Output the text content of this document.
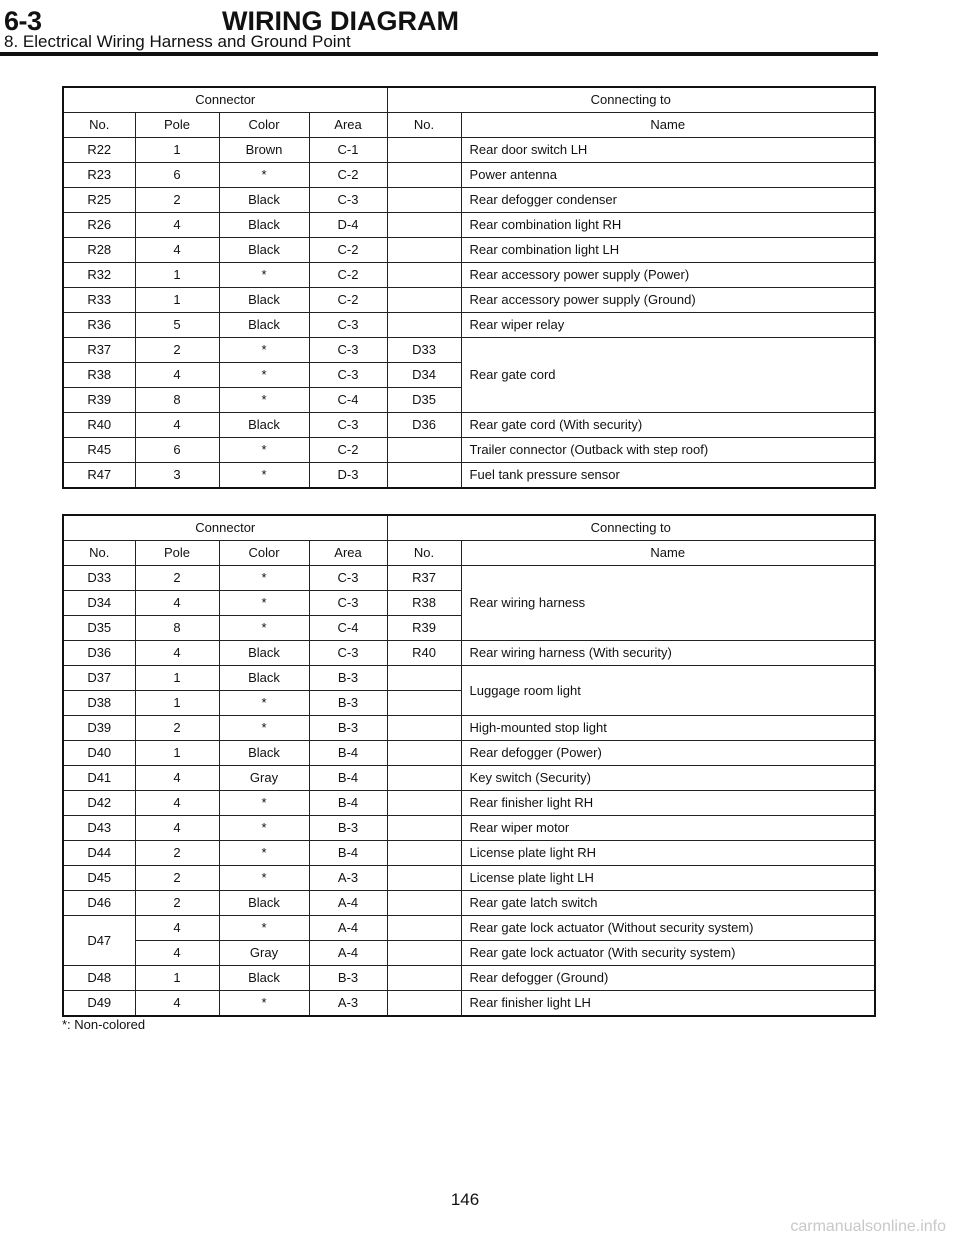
6-3	WIRING DIAGRAM
8. Electrical Wiring Harness and Ground Point
Connector				Connecting to	
No.	Pole	Color	Area	No.	Name
R22	1	Brown	C-1		Rear door switch LH
R23	6	*	C-2		Power antenna
R25	2	Black	C-3		Rear defogger condenser
R26	4	Black	D-4		Rear combination light RH
R28	4	Black	C-2		Rear combination light LH
R32	1	*	C-2		Rear accessory power supply (Power)
R33	1	Black	C-2		Rear accessory power supply (Ground)
R36	5	Black	C-3		Rear wiper relay
R37	2	*	C-3	D33	Rear gate cord
R38	4	*	C-3	D34	
R39	8	*	C-4	D35	
R40	4	Black	C-3	D36	Rear gate cord (With security)
R45	6	*	C-2		Trailer connector (Outback with step roof)
R47	3	*	D-3		Fuel tank pressure sensor
Connector				Connecting to	
No.	Pole	Color	Area	No.	Name
D33	2	*	C-3	R37	Rear wiring harness
D34	4	*	C-3	R38	
D35	8	*	C-4	R39	
D36	4	Black	C-3	R40	Rear wiring harness (With security)
D37	1	Black	B-3		Luggage room light
D38	1	*	B-3		
D39	2	*	B-3		High-mounted stop light
D40	1	Black	B-4		Rear defogger (Power)
D41	4	Gray	B-4		Key switch (Security)
D42	4	*	B-4		Rear finisher light RH
D43	4	*	B-3		Rear wiper motor
D44	2	*	B-4		License plate light RH
D45	2	*	A-3		License plate light LH
D46	2	Black	A-4		Rear gate latch switch
D47	4	*	A-4		Rear gate lock actuator (Without security system)
	4	Gray	A-4		Rear gate lock actuator (With security system)
D48	1	Black	B-3		Rear defogger (Ground)
D49	4	*	A-3		Rear finisher light LH
*: Non-colored
146
carmanualsonline.info
